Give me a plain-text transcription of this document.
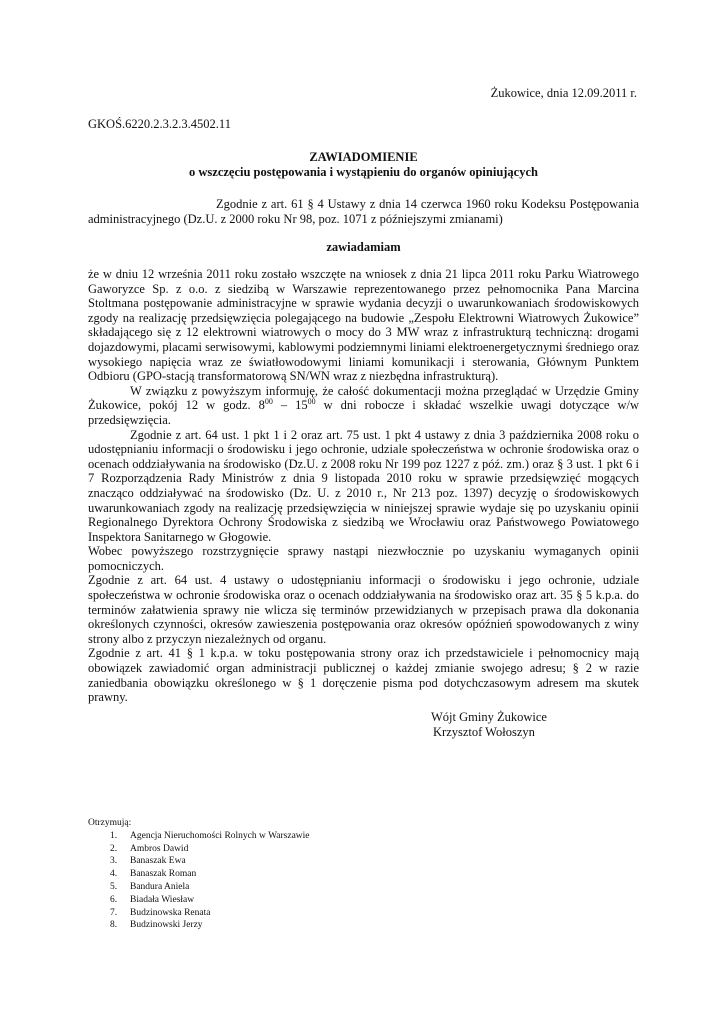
Żukowice, dnia 12.09.2011 r.
GKOŚ.6220.2.3.2.3.4502.11
ZAWIADOMIENIE
o wszczęciu postępowania i wystąpieniu do organów opiniujących
Zgodnie z art. 61 § 4 Ustawy z dnia 14 czerwca 1960 roku Kodeksu Postępowania administracyjnego (Dz.U. z 2000 roku Nr 98, poz. 1071 z późniejszymi zmianami)
zawiadamiam

że w dniu 12 września 2011 roku zostało wszczęte na wniosek z dnia 21 lipca 2011 roku Parku Wiatrowego Gaworyzce Sp. z o.o. z siedzibą w Warszawie reprezentowanego przez pełnomocnika Pana Marcina Stoltmana postępowanie administracyjne w sprawie wydania decyzji o uwarunkowaniach środowiskowych zgody na realizację przedsięwzięcia polegającego na budowie „Zespołu Elektrowni Wiatrowych Żukowice” składającego się z 12 elektrowni wiatrowych o mocy do 3 MW wraz z infrastrukturą techniczną: drogami dojazdowymi, placami serwisowymi, kablowymi podziemnymi liniami elektroenergetycznymi średniego oraz wysokiego napięcia wraz ze światłowodowymi liniami komunikacji i sterowania, Głównym Punktem Odbioru (GPO-stacją transformatorową SN/WN wraz z niezbędna infrastrukturą).

W związku z powyższym informuję, że całość dokumentacji można przeglądać w Urzędzie Gminy Żukowice, pokój 12 w godz. $8^{00} - 15^{00}$ w dni robocze i składać wszelkie uwagi dotyczące w/w przedsięwzięcia.

Zgodnie z art. 64 ust. 1 pkt 1 i 2 oraz art. 75 ust. 1 pkt 4 ustawy z dnia 3 października 2008 roku o udostępnianiu informacji o środowisku i jego ochronie, udziale społeczeństwa w ochronie środowiska oraz o ocenach oddziaływania na środowisko (Dz.U. z 2008 roku Nr 199 poz 1227 z póź. zm.) oraz § 3 ust. 1 pkt 6 i 7 Rozporządzenia Rady Ministrów z dnia 9 listopada 2010 roku w sprawie przedsięwzięć mogących znacząco oddziaływać na środowisko (Dz. U. z 2010 r., Nr 213 poz. 1397) decyzję o środowiskowych uwarunkowaniach zgody na realizację przedsięwzięcia w niniejszej sprawie wydaje się po uzyskaniu opinii Regionalnego Dyrektora Ochrony Środowiska z siedzibą we Wrocławiu oraz Państwowego Powiatowego Inspektora Sanitarnego w Głogowie.

Wobec powyższego rozstrzygnięcie sprawy nastąpi niezwłocznie po uzyskaniu wymaganych opinii pomocniczych.

Zgodnie z art. 64 ust. 4 ustawy o udostępnianiu informacji o środowisku i jego ochronie, udziale społeczeństwa w ochronie środowiska oraz o ocenach oddziaływania na środowisko oraz art. 35 § 5 k.p.a. do terminów załatwienia sprawy nie wlicza się terminów przewidzianych w przepisach prawa dla dokonania określonych czynności, okresów zawieszenia postępowania oraz okresów opóźnień spowodowanych z winy strony albo z przyczyn niezależnych od organu.

Zgodnie z art. 41 § 1 k.p.a. w toku postępowania strony oraz ich przedstawiciele i pełnomocnicy mają obowiązek zawiadomić organ administracji publicznej o każdej zmianie swojego adresu; § 2 w razie zaniedbania obowiązku określonego w § 1 doręczenie pisma pod dotychczasowym adresem ma skutek prawny.

Wójt Gminy Żukowice
Krzysztof Wołoszyn
Otrzymują:
1. Agencja Nieruchomości Rolnych w Warszawie
2. Ambros Dawid
3. Banaszak Ewa
4. Banaszak Roman
5. Bandura Aniela
6. Biadała Wiesław
7. Budzinowska Renata
8. Budzinowski Jerzy
